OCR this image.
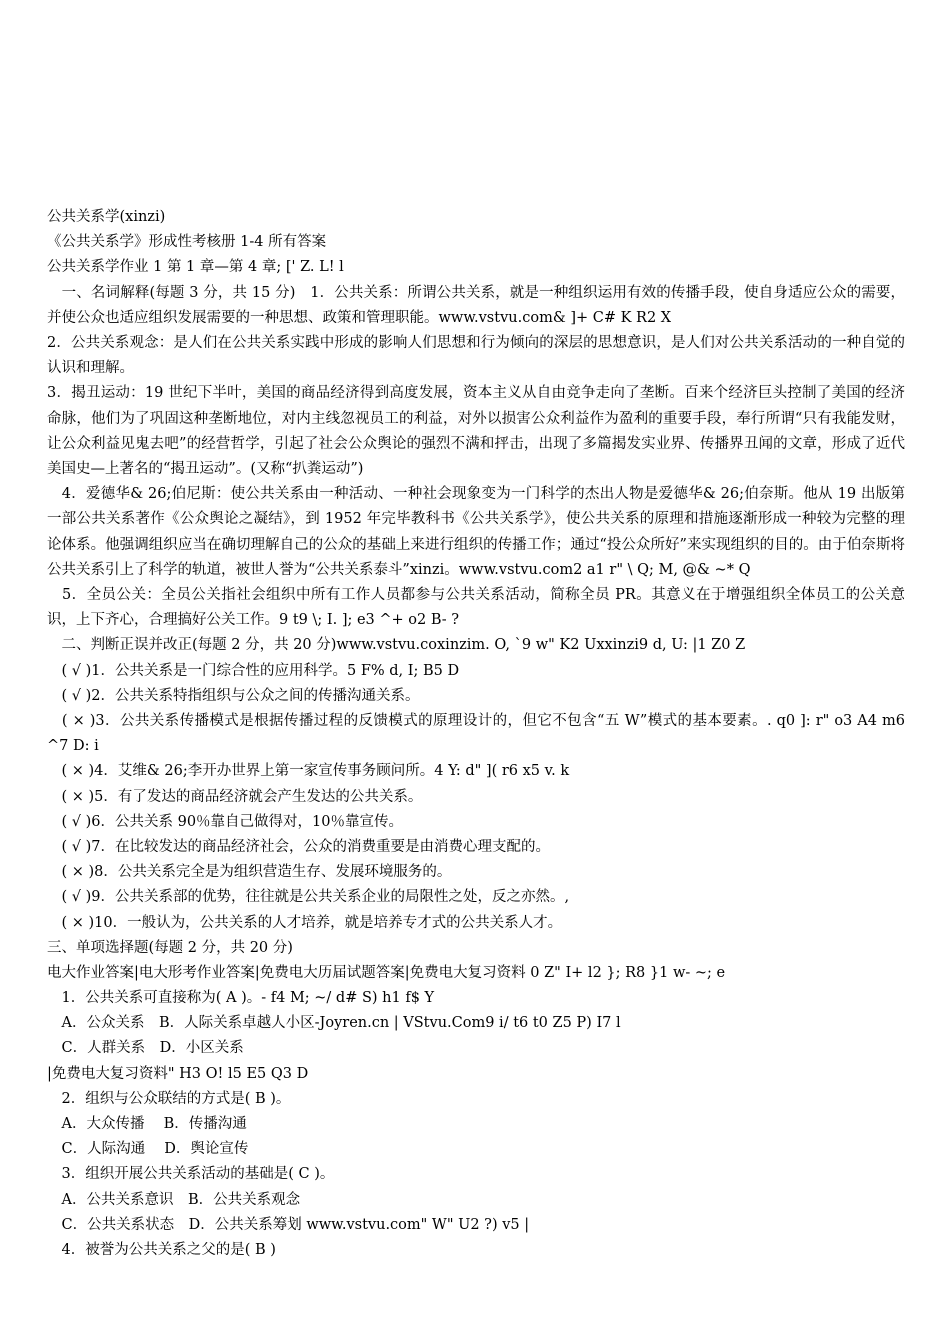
公共关系学(xinzi)
《公共关系学》形成性考核册 1-4 所有答案
公共关系学作业 1 第 1 章—第 4 章; [' Z. L! l
　一、名词解释(每题 3 分，共 15 分)　1．公共关系：所谓公共关系，就是一种组织运用有效的传播手段，使自身适应公众的需要，并使公众也适应组织发展需要的一种思想、政策和管理职能。www.vstvu.com& ]+ C# K R2 X
2．公共关系观念：是人们在公共关系实践中形成的影响人们思想和行为倾向的深层的思想意识，是人们对公共关系活动的一种自觉的认识和理解。
3．揭丑运动：19 世纪下半叶，美国的商品经济得到高度发展，资本主义从自由竞争走向了垄断。百来个经济巨头控制了美国的经济命脉，他们为了巩固这种垄断地位，对内主线忽视员工的利益，对外以损害公众利益作为盈利的重要手段，奉行所谓“只有我能发财，让公众利益见鬼去吧”的经营哲学，引起了社会公众舆论的强烈不满和抨击，出现了多篇揭发实业界、传播界丑闻的文章，形成了近代美国史—上著名的“揭丑运动”。(又称“扒粪运动”)
　4．爱德华& 26;伯尼斯：使公共关系由一种活动、一种社会现象变为一门科学的杰出人物是爱德华& 26;伯奈斯。他从 19 出版第一部公共关系著作《公众舆论之凝结》，到 1952 年完毕教科书《公共关系学》，使公共关系的原理和措施逐渐形成一种较为完整的理论体系。他强调组织应当在确切理解自己的公众的基础上来进行组织的传播工作；通过“投公众所好”来实现组织的目的。由于伯奈斯将公共关系引上了科学的轨道，被世人誉为“公共关系泰斗”xinzi。www.vstvu.com2 a1 r" \ Q; M, @& ~* Q
　5．全员公关：全员公关指社会组织中所有工作人员都参与公共关系活动，简称全员 PR。其意义在于增强组织全体员工的公关意识，上下齐心，合理搞好公关工作。9 t9 \; I. ]; e3 ^+ o2 B- ?
　二、判断正误并改正(每题 2 分，共 20 分)www.vstvu.coxinzim. O, `9 w" K2 Uxxinzi9 d, U: |1 Z0 Z
　( √ )1．公共关系是一门综合性的应用科学。5 F% d, I; B5 D
　( √ )2．公共关系特指组织与公众之间的传播沟通关系。
　( × )3．公共关系传播模式是根据传播过程的反馈模式的原理设计的，但它不包含“五 W”模式的基本要素。. q0 ]: r" o3 A4 m6 ^7 D: i
　( × )4．艾维& 26;李开办世界上第一家宣传事务顾问所。4 Y: d" ]( r6 x5 v. k
　( × )5．有了发达的商品经济就会产生发达的公共关系。
　( √ )6．公共关系 90％靠自己做得对，10％靠宣传。
　( √ )7．在比较发达的商品经济社会，公众的消费重要是由消费心理支配的。
　( × )8．公共关系完全是为组织营造生存、发展环境服务的。
　( √ )9．公共关系部的优势，往往就是公共关系企业的局限性之处，反之亦然。,
　( × )10．一般认为，公共关系的人才培养，就是培养专才式的公共关系人才。
三、单项选择题(每题 2 分，共 20 分)
电大作业答案|电大形考作业答案|免费电大历届试题答案|免费电大复习资料 0 Z" I+ l2 }; R8 }1 w- ~; e
　1．公共关系可直接称为( A )。- f4 M; ~/ d# S) h1 f$ Y
　A．公众关系　B．人际关系卓越人小区-Joyren.cn | VStvu.Com9 i/ t6 t0 Z5 P) I7 l
　C．人群关系　D．小区关系
|免费电大复习资料" H3 O! l5 E5 Q3 D
　2．组织与公众联结的方式是( B )。
　A．大众传播　 B．传播沟通
　C．人际沟通　 D．舆论宣传
　3．组织开展公共关系活动的基础是( C )。
　A．公共关系意识　B．公共关系观念
　C．公共关系状态　D．公共关系筹划 www.vstvu.com" W" U2 ?) v5 |
　4．被誉为公共关系之父的是( B )
